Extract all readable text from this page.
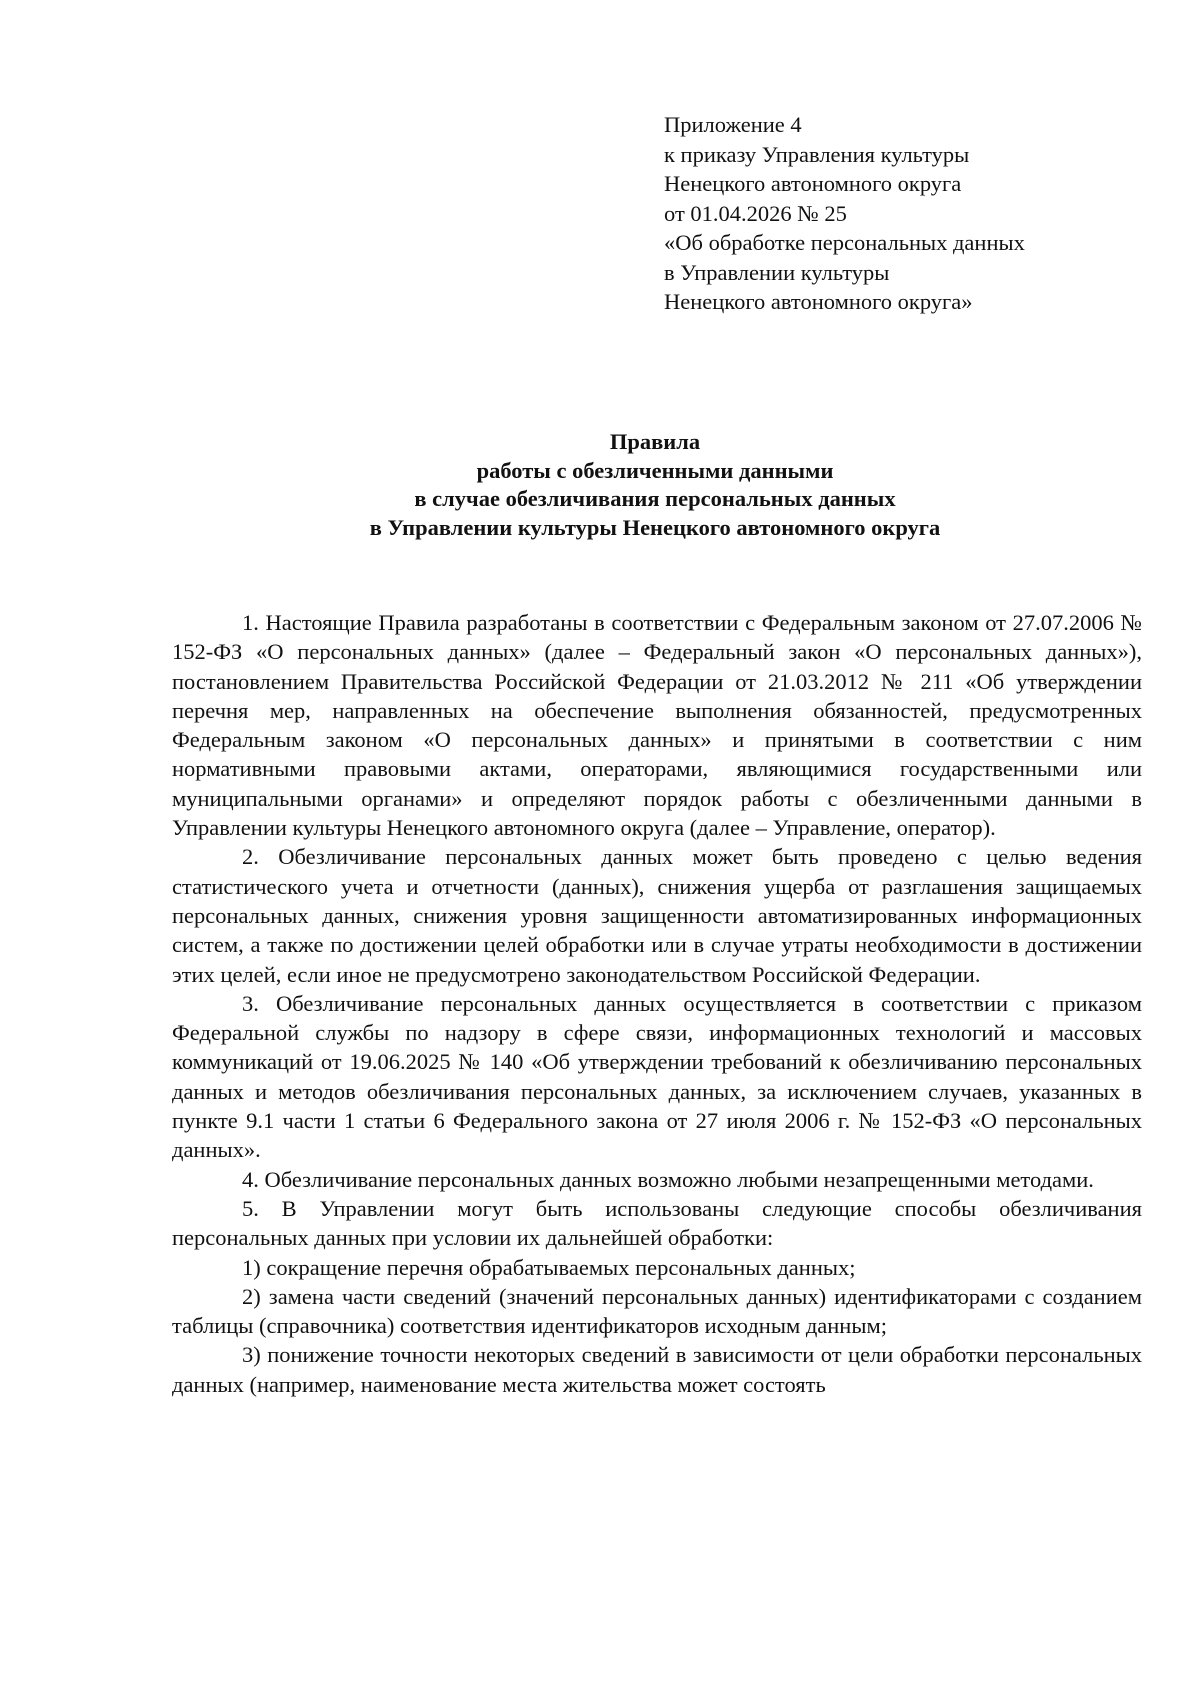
Приложение 4
к приказу Управления культуры
Ненецкого автономного округа
от 01.04.2026 № 25
«Об обработке персональных данных
в Управлении культуры
Ненецкого автономного округа»
Правила
работы с обезличенными данными
в случае обезличивания персональных данных
в Управлении культуры Ненецкого автономного округа

1. Настоящие Правила разработаны в соответствии с Федеральным законом от 27.07.2006 № 152-ФЗ «О персональных данных» (далее – Федеральный закон «О персональных данных»), постановлением Правительства Российской Федерации от 21.03.2012 № 211 «Об утверждении перечня мер, направленных на обеспечение выполнения обязанностей, предусмотренных Федеральным законом «О персональных данных» и принятыми в соответствии с ним нормативными правовыми актами, операторами, являющимися государственными или муниципальными органами» и определяют порядок работы с обезличенными данными в Управлении культуры Ненецкого автономного округа (далее – Управление, оператор).

2. Обезличивание персональных данных может быть проведено с целью ведения статистического учета и отчетности (данных), снижения ущерба от разглашения защищаемых персональных данных, снижения уровня защищенности автоматизированных информационных систем, а также по достижении целей обработки или в случае утраты необходимости в достижении этих целей, если иное не предусмотрено законодательством Российской Федерации.

3. Обезличивание персональных данных осуществляется в соответствии с приказом Федеральной службы по надзору в сфере связи, информационных технологий и массовых коммуникаций от 19.06.2025 № 140 «Об утверждении требований к обезличиванию персональных данных и методов обезличивания персональных данных, за исключением случаев, указанных в пункте 9.1 части 1 статьи 6 Федерального закона от 27 июля 2006 г. № 152-ФЗ «О персональных данных».

4. Обезличивание персональных данных возможно любыми незапрещенными методами.

5. В Управлении могут быть использованы следующие способы обезличивания персональных данных при условии их дальнейшей обработки:

1) сокращение перечня обрабатываемых персональных данных;

2) замена части сведений (значений персональных данных) идентификаторами с созданием таблицы (справочника) соответствия идентификаторов исходным данным;

3) понижение точности некоторых сведений в зависимости от цели обработки персональных данных (например, наименование места жительства может состоять
